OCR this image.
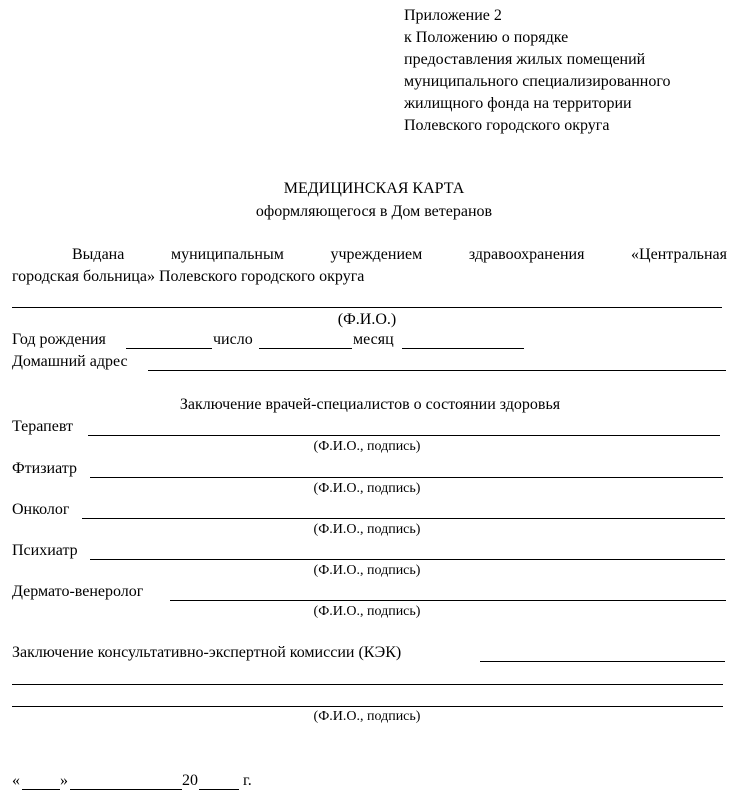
Приложение 2
к Положению о порядке
предоставления жилых помещений
муниципального специализированного
жилищного фонда на территории
Полевского городского округа
МЕДИЦИНСКАЯ КАРТА
оформляющегося в Дом ветеранов
Выдана	муниципальным	учреждением	здравоохранения	«Центральная
городская больница» Полевского городского округа
(Ф.И.О.)
Год рождения	число	месяц
Домашний адрес
Заключение врачей-специалистов о состоянии здоровья
Терапевт
(Ф.И.О., подпись)
Фтизиатр
(Ф.И.О., подпись)
Онколог
(Ф.И.О., подпись)
Психиатр
(Ф.И.О., подпись)
Дермато-венеролог
(Ф.И.О., подпись)
Заключение консультативно-экспертной комиссии (КЭК)
(Ф.И.О., подпись)
«	»	20	г.
